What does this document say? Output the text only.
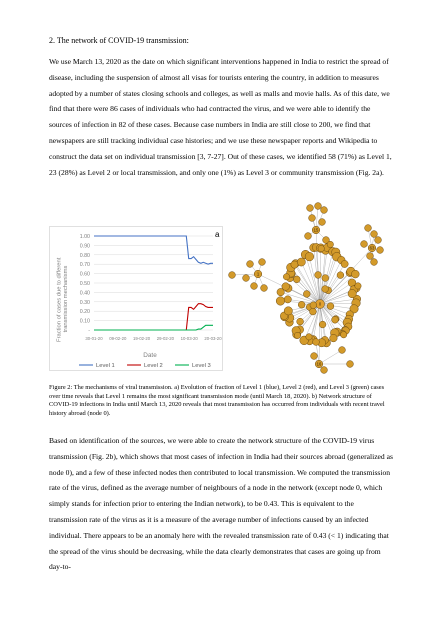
2. The network of COVID-19 transmission:
We use March 13, 2020 as the date on which significant interventions happened in India to restrict the spread of disease, including the suspension of almost all visas for tourists entering the country, in addition to measures adopted by a number of states closing schools and colleges, as well as malls and movie halls. As of this date, we find that there were 86 cases of individuals who had contracted the virus, and we were able to identify the sources of infection in 82 of these cases. Because case numbers in India are still close to 200, we find that newspapers are still tracking individual case histories; and we use these newspaper reports and Wikipedia to construct the data set on individual transmission [3, 7-27]. Out of these cases, we identified 58 (71%) as Level 1, 23 (28%) as Level 2 or local transmission, and only one (1%) as Level 3 or community transmission (Fig. 2a).
1.00
0.90
0.80
0.70
0.60
0.50
0.40
0.30
0.20
0.10
-
30-01-20 09-02-20 19-02-20 29-02-20 10-03-20 20-03-20
Fraction of cases due to different transmission mechanisms
Date
Level 1	Level 2	Level 3
a
0
1
15
63
16
Figure 2: The mechanisms of viral transmission. a) Evolution of fraction of Level 1 (blue), Level 2 (red), and Level 3 (green) cases over time reveals that Level 1 remains the most significant transmission mode (until March 18, 2020). b) Network structure of COVID-19 infections in India until March 13, 2020 reveals that most transmission has occurred from individuals with recent travel history abroad (node 0).
Based on identification of the sources, we were able to create the network structure of the COVID-19 virus transmission (Fig. 2b), which shows that most cases of infection in India had their sources abroad (generalized as node 0), and a few of these infected nodes then contributed to local transmission. We computed the transmission rate of the virus, defined as the average number of neighbours of a node in the network (except node 0, which simply stands for infection prior to entering the Indian network), to be 0.43. This is equivalent to the transmission rate of the virus as it is a measure of the average number of infections caused by an infected individual. There appears to be an anomaly here with the revealed transmission rate of 0.43 (< 1) indicating that the spread of the virus should be decreasing, while the data clearly demonstrates that cases are going up from day-to-
